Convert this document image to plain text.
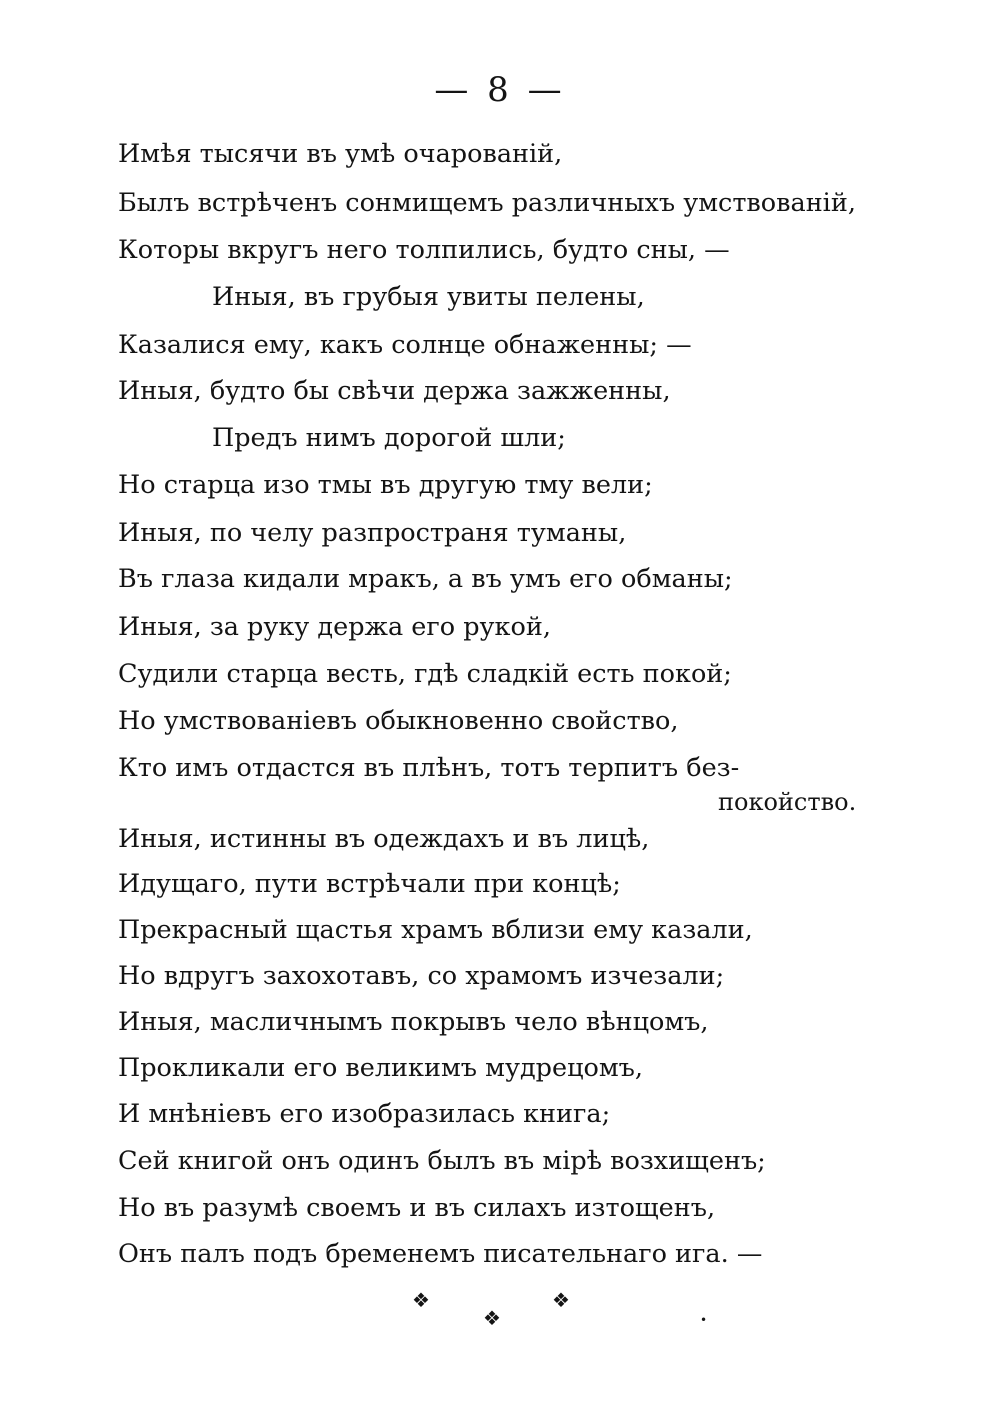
— 8 —
Имѣя тысячи въ умѣ очарованій,
Былъ встрѣченъ сонмищемъ различныхъ умствованій,
Которы вкругъ него толпились, будто сны, —
Иныя, въ грубыя увиты пелены,
Казалися ему, какъ солнце обнаженны; —
Иныя, будто бы свѣчи держа зажженны,
Предъ нимъ дорогой шли;
Но старца изо тмы въ другую тму вели;
Иныя, по челу разпространя туманы,
Въ глаза кидали мракъ, а въ умъ его обманы;
Иныя, за руку держа его рукой,
Судили старца весть, гдѣ сладкій есть покой;
Но умствованіевъ обыкновенно свойство,
Кто имъ отдастся въ плѣнъ, тотъ терпитъ без-
покойство.
Иныя, истинны въ одеждахъ и въ лицѣ,
Идущаго, пути встрѣчали при концѣ;
Прекрасный щастья храмъ вблизи ему казали,
Но вдругъ захохотавъ, со храмомъ изчезали;
Иныя, масличнымъ покрывъ чело вѣнцомъ,
Прокликали его великимъ мудрецомъ,
И мнѣніевъ его изобразилась книга;
Сей книгой онъ одинъ былъ въ мірѣ возхищенъ;
Но въ разумѣ своемъ и въ силахъ изтощенъ,
Онъ палъ подъ бременемъ писательнаго ига. —
❖	❖
❖	•
